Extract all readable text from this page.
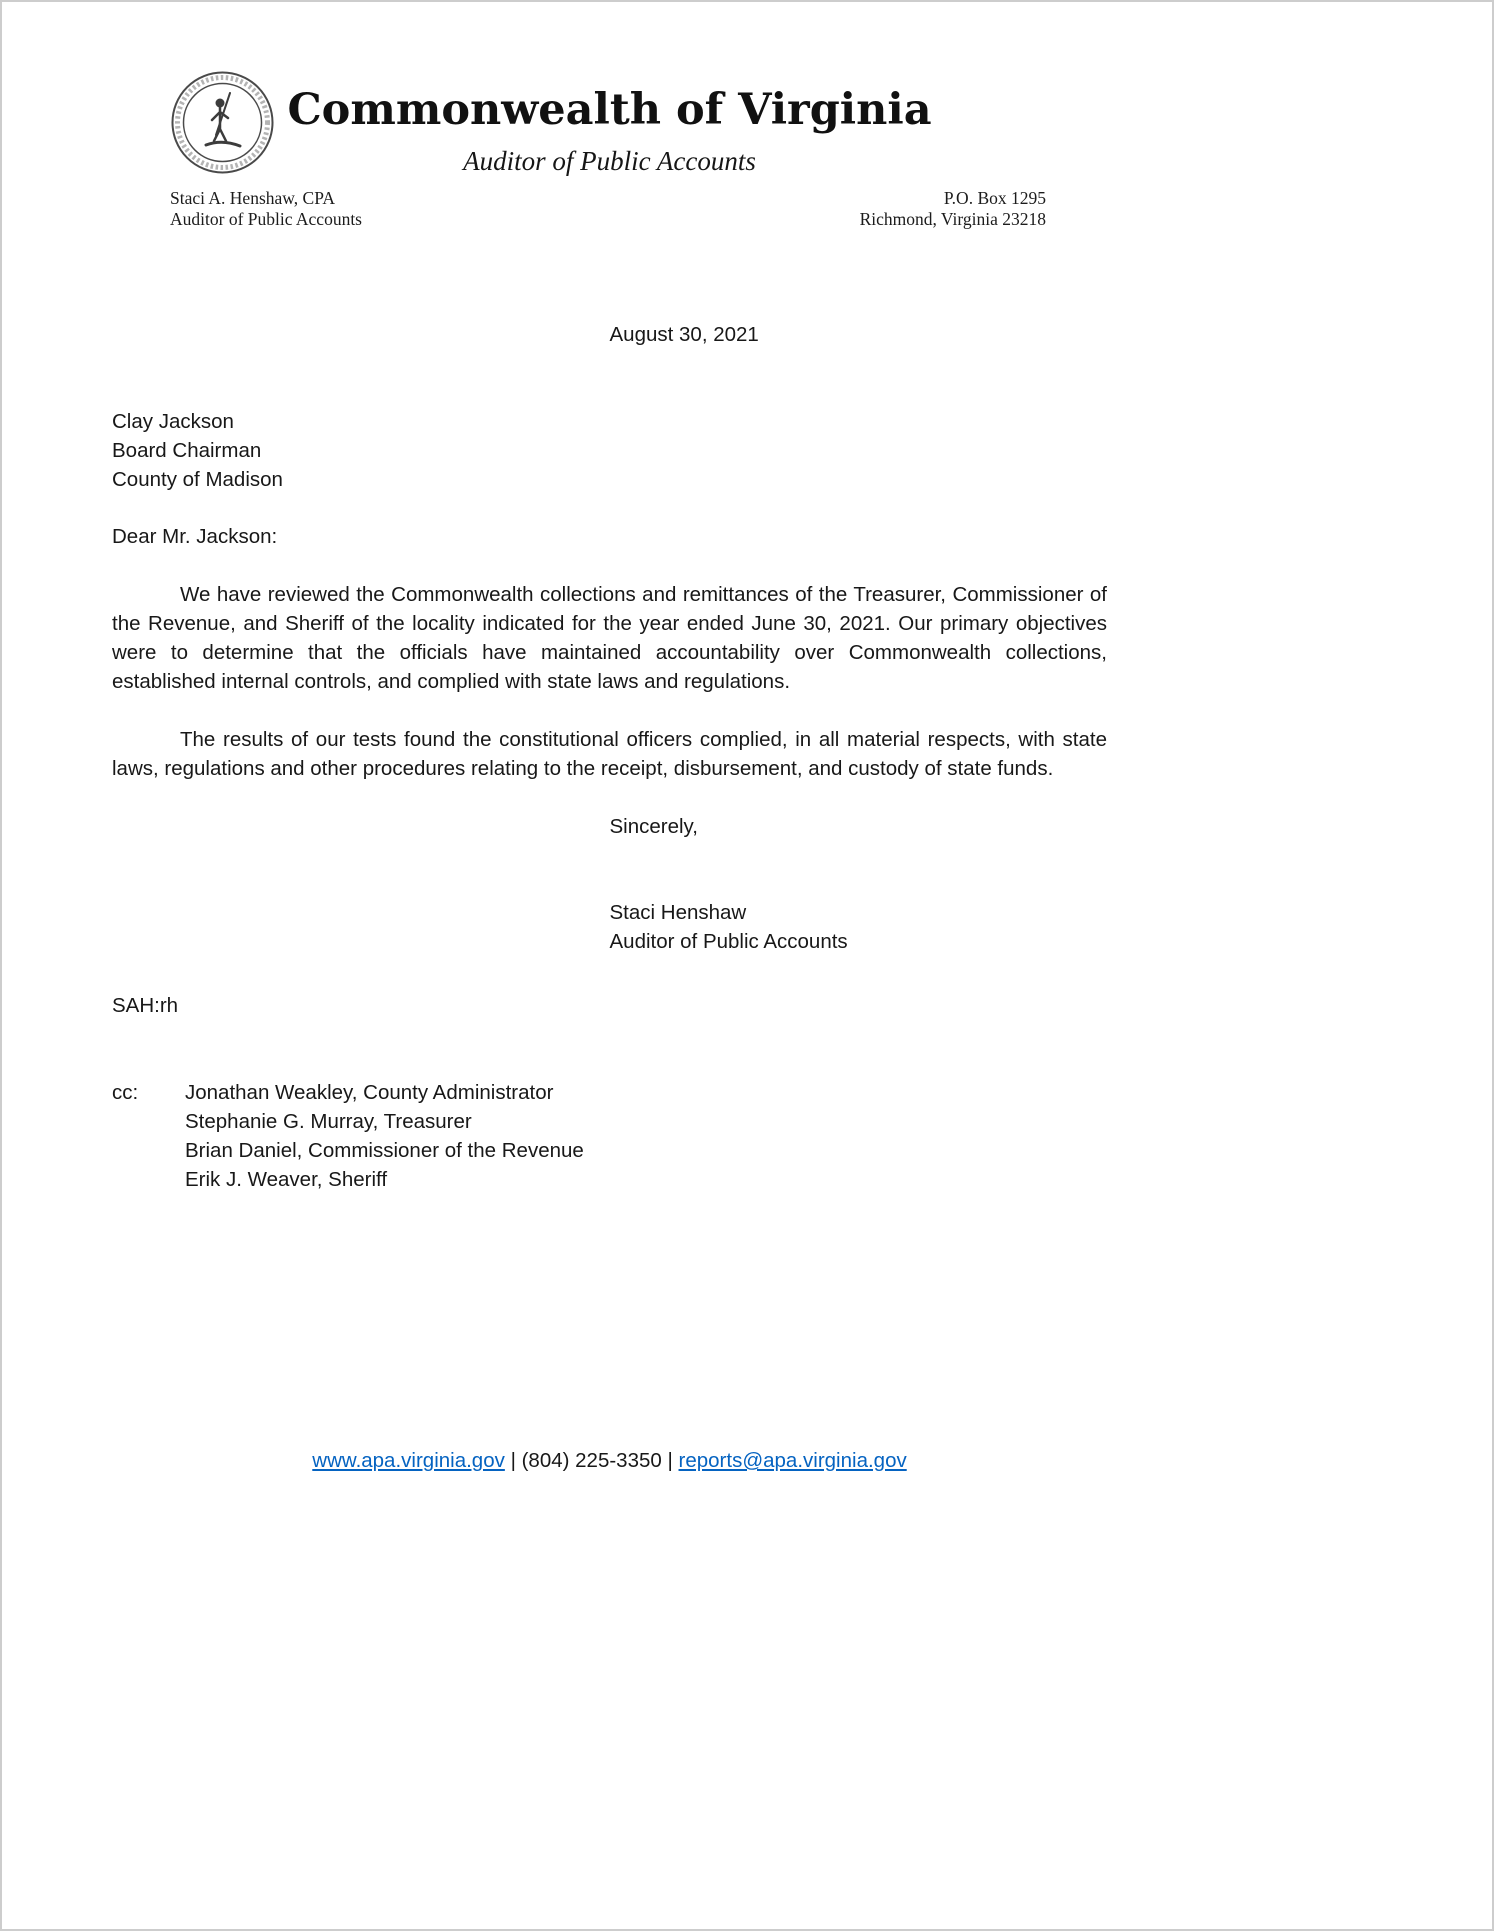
Commonwealth of Virginia
Auditor of Public Accounts
Staci A. Henshaw, CPA
Auditor of Public Accounts
P.O. Box 1295
Richmond, Virginia 23218
August 30, 2021
Clay Jackson
Board Chairman
County of Madison
Dear Mr. Jackson:
We have reviewed the Commonwealth collections and remittances of the Treasurer, Commissioner of the Revenue, and Sheriff of the locality indicated for the year ended June 30, 2021. Our primary objectives were to determine that the officials have maintained accountability over Commonwealth collections, established internal controls, and complied with state laws and regulations.
The results of our tests found the constitutional officers complied, in all material respects, with state laws, regulations and other procedures relating to the receipt, disbursement, and custody of state funds.
Sincerely,
Staci Henshaw
Auditor of Public Accounts
SAH:rh
cc:	Jonathan Weakley, County Administrator
Stephanie G. Murray, Treasurer
Brian Daniel, Commissioner of the Revenue
Erik J. Weaver, Sheriff
www.apa.virginia.gov | (804) 225-3350 | reports@apa.virginia.gov
